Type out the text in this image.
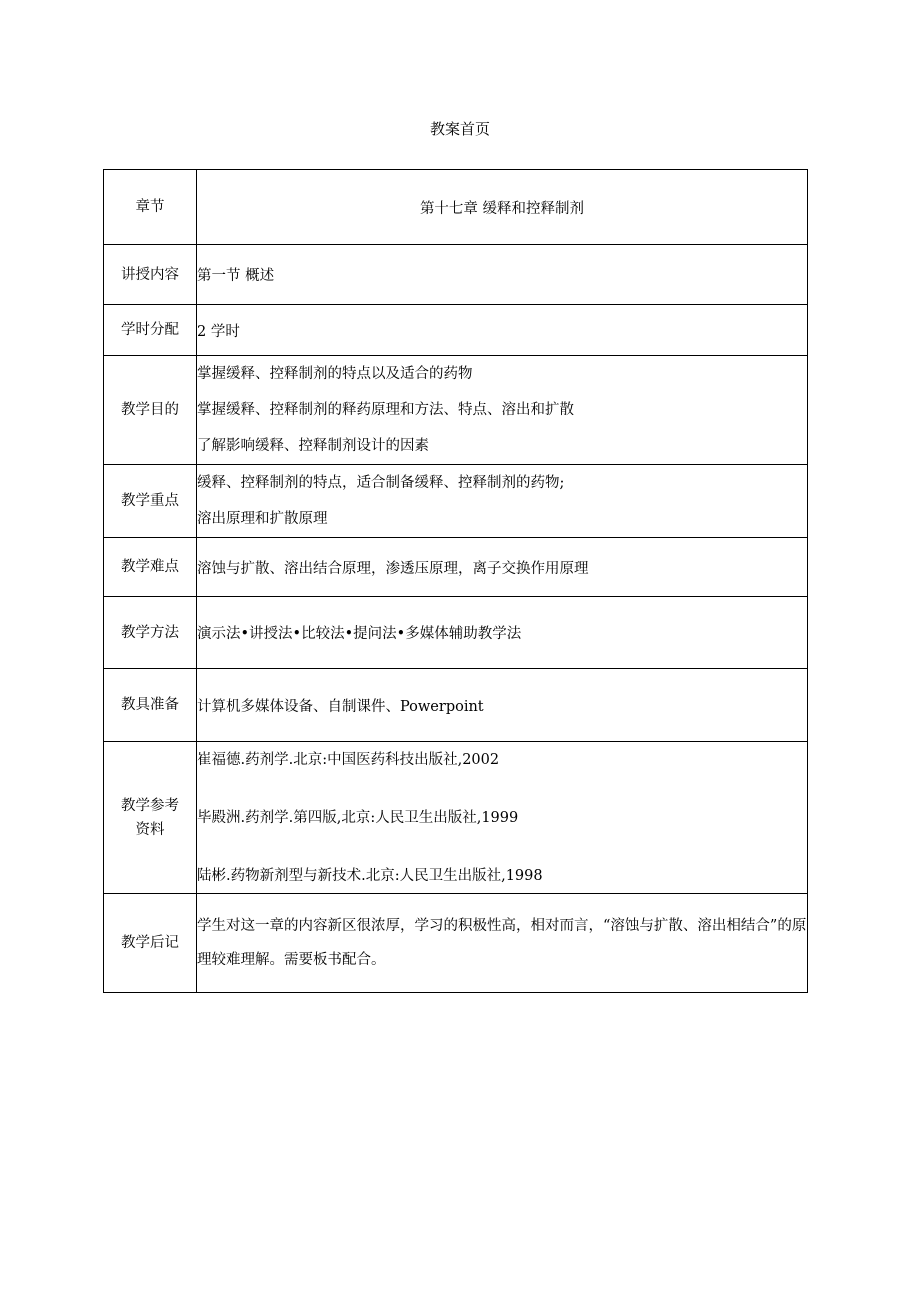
教案首页
章节	第十七章 缓释和控释制剂
讲授内容	第一节 概述
学时分配	2 学时
教学目的	掌握缓释、控释制剂的特点以及适合的药物
掌握缓释、控释制剂的释药原理和方法、特点、溶出和扩散
了解影响缓释、控释制剂设计的因素

教学重点	缓释、控释制剂的特点，适合制备缓释、控释制剂的药物;
溶出原理和扩散原理

教学难点	溶蚀与扩散、溶出结合原理，渗透压原理，离子交换作用原理
教学方法	演示法•讲授法•比较法•提问法•多媒体辅助教学法
教具准备	计算机多媒体设备、自制课件、Powerpoint

教学参考
资料	崔福德.药剂学.北京:中国医药科技出版社,2002
毕殿洲.药剂学.第四版,北京:人民卫生出版社,1999
陆彬.药物新剂型与新技术.北京:人民卫生出版社,1998

教学后记	学生对这一章的内容新区很浓厚，学习的积极性高，相对而言，“溶蚀与扩散、溶出相结合”的原理较难理解。需要板书配合。
